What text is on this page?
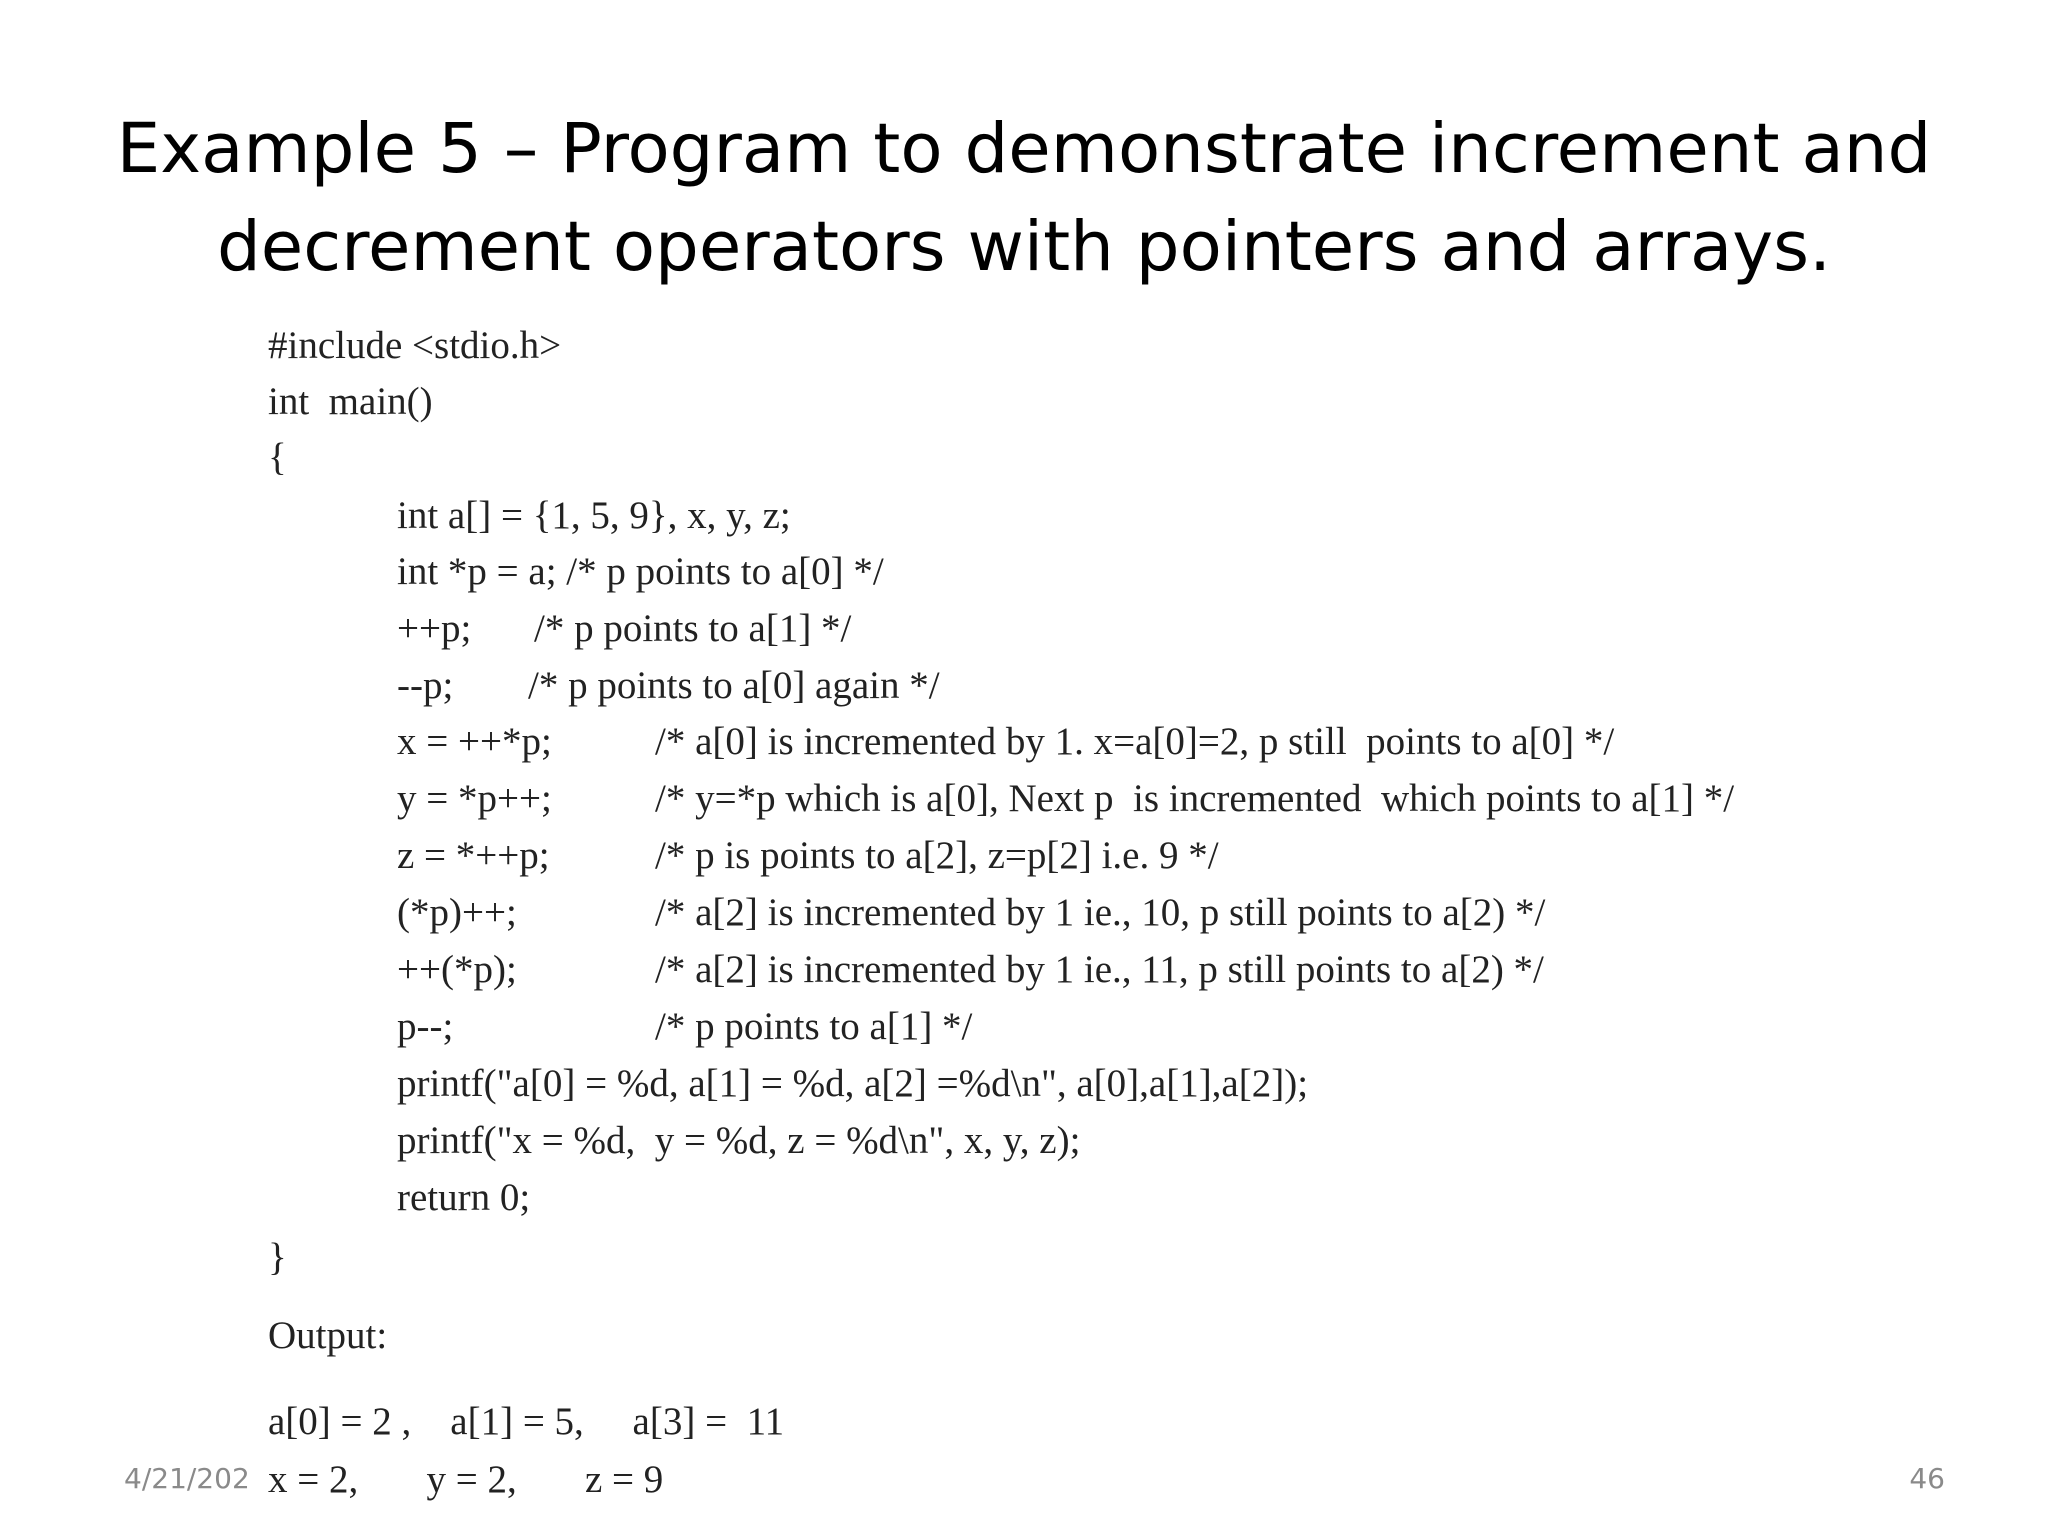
Example 5 – Program to demonstrate increment and
decrement operators with pointers and arrays.

#include <stdio.h>

int  main()

{

int a[] = {1, 5, 9}, x, y, z;

int *p = a; /* p points to a[0] */

++p;

/* p points to a[1] */

--p;

/* p points to a[0] again */

x = ++*p;

	/* a[0] is incremented by 1. x=a[0]=2, p still  points to a[0] */

y = *p++;

	/* y=*p which is a[0], Next p  is incremented  which points to a[1] */

z = *++p;

	/* p is points to a[2], z=p[2] i.e. 9 */

(*p)++;

	/* a[2] is incremented by 1 ie., 10, p still points to a[2) */

++(*p);

	/* a[2] is incremented by 1 ie., 11, p still points to a[2) */

p--;

	/* p points to a[1] */

printf("a[0] = %d, a[1] = %d, a[2] =%d\n", a[0],a[1],a[2]);

printf("x = %d,  y = %d, z = %d\n", x, y, z);

return 0;

}

Output:
a[0] = 2 ,    a[1] = 5,     a[3] =  11
x = 2,       y = 2,       z = 9
4/21/202	46
